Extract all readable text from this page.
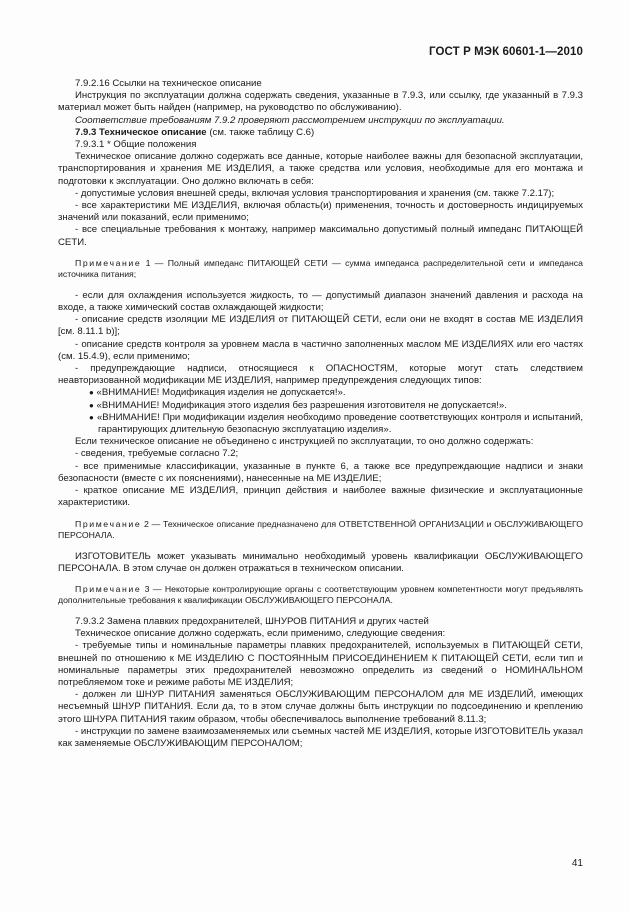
ГОСТ Р МЭК 60601-1—2010

7.9.2.16 Ссылки на техническое описание

Инструкция по эксплуатации должна содержать сведения, указанные в 7.9.3, или ссылку, где указанный в 7.9.3 материал может быть найден (например, на руководство по обслуживанию).

Соответствие требованиям 7.9.2 проверяют рассмотрением инструкции по эксплуатации.

7.9.3 Техническое описание (см. также таблицу С.6)

7.9.3.1 * Общие положения

Техническое описание должно содержать все данные, которые наиболее важны для безопасной эксплуатации, транспортирования и хранения МЕ ИЗДЕЛИЯ, а также средства или условия, необходимые для его монтажа и подготовки к эксплуатации. Оно должно включать в себя:

- допустимые условия внешней среды, включая условия транспортирования и хранения (см. также 7.2.17);

- все характеристики МЕ ИЗДЕЛИЯ, включая область(и) применения, точность и достоверность индицируемых значений или показаний, если применимо;

- все специальные требования к монтажу, например максимально допустимый полный импеданс ПИТАЮЩЕЙ СЕТИ.

Примечание 1 — Полный импеданс ПИТАЮЩЕЙ СЕТИ — сумма импеданса распределительной сети и импеданса источника питания;

- если для охлаждения используется жидкость, то — допустимый диапазон значений давления и расхода на входе, а также химический состав охлаждающей жидкости;

- описание средств изоляции МЕ ИЗДЕЛИЯ от ПИТАЮЩЕЙ СЕТИ, если они не входят в состав МЕ ИЗДЕЛИЯ [см. 8.11.1 b)];

- описание средств контроля за уровнем масла в частично заполненных маслом МЕ ИЗДЕЛИЯХ или его частях (см. 15.4.9), если применимо;

- предупреждающие надписи, относящиеся к ОПАСНОСТЯМ, которые могут стать следствием неавторизованной модификации МЕ ИЗДЕЛИЯ, например предупреждения следующих типов:

● «ВНИМАНИЕ! Модификация изделия не допускается!».

● «ВНИМАНИЕ! Модификация этого изделия без разрешения изготовителя не допускается!».

● «ВНИМАНИЕ! При модификации изделия необходимо проведение соответствующих контроля и испытаний, гарантирующих длительную безопасную эксплуатацию изделия».

Если техническое описание не объединено с инструкцией по эксплуатации, то оно должно содержать:

- сведения, требуемые согласно 7.2;

- все применимые классификации, указанные в пункте 6, а также все предупреждающие надписи и знаки безопасности (вместе с их пояснениями), нанесенные на МЕ ИЗДЕЛИЕ;

- краткое описание МЕ ИЗДЕЛИЯ, принцип действия и наиболее важные физические и эксплуатационные характеристики.

Примечание 2 — Техническое описание предназначено для ОТВЕТСТВЕННОЙ ОРГАНИЗАЦИИ и ОБСЛУЖИВАЮЩЕГО ПЕРСОНАЛА.

ИЗГОТОВИТЕЛЬ может указывать минимально необходимый уровень квалификации ОБСЛУЖИВАЮЩЕГО ПЕРСОНАЛА. В этом случае он должен отражаться в техническом описании.

Примечание 3 — Некоторые контролирующие органы с соответствующим уровнем компетентности могут предъявлять дополнительные требования к квалификации ОБСЛУЖИВАЮЩЕГО ПЕРСОНАЛА.

7.9.3.2 Замена плавких предохранителей, ШНУРОВ ПИТАНИЯ и других частей

Техническое описание должно содержать, если применимо, следующие сведения:

- требуемые типы и номинальные параметры плавких предохранителей, используемых в ПИТАЮЩЕЙ СЕТИ, внешней по отношению к МЕ ИЗДЕЛИЮ С ПОСТОЯННЫМ ПРИСОЕДИНЕНИЕМ К ПИТАЮЩЕЙ СЕТИ, если тип и номинальные параметры этих предохранителей невозможно определить из сведений о НОМИНАЛЬНОМ потребляемом токе и режиме работы МЕ ИЗДЕЛИЯ;

- должен ли ШНУР ПИТАНИЯ заменяться ОБСЛУЖИВАЮЩИМ ПЕРСОНАЛОМ для МЕ ИЗДЕЛИЙ, имеющих несъемный ШНУР ПИТАНИЯ. Если да, то в этом случае должны быть инструкции по подсоединению и креплению этого ШНУРА ПИТАНИЯ таким образом, чтобы обеспечивалось выполнение требований 8.11.3;

- инструкции по замене взаимозаменяемых или съемных частей МЕ ИЗДЕЛИЯ, которые ИЗГОТОВИТЕЛЬ указал как заменяемые ОБСЛУЖИВАЮЩИМ ПЕРСОНАЛОМ;

41
